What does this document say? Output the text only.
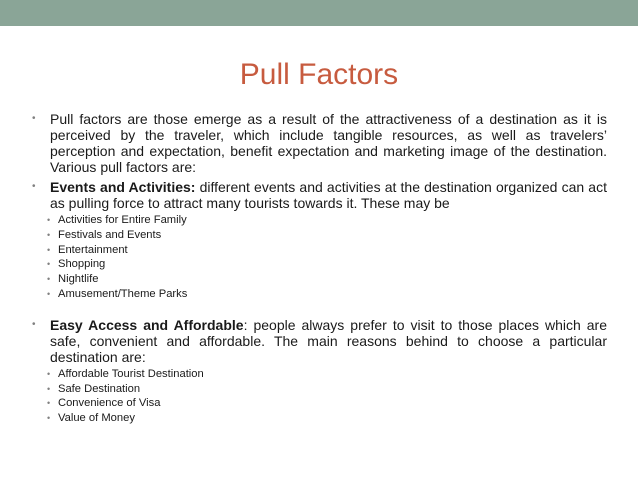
Pull Factors
• Pull factors are those emerge as a result of the attractiveness of a destination as it is perceived by the traveler, which include tangible resources, as well as travelers’ perception and expectation, benefit expectation and marketing image of the destination. Various pull factors are:
• Events and Activities: different events and activities at the destination organized can act as pulling force to attract many tourists towards it. These may be
• Activities for Entire Family
• Festivals and Events
• Entertainment
• Shopping
• Nightlife
• Amusement/Theme Parks
• Easy Access and Affordable: people always prefer to visit to those places which are safe, convenient and affordable. The main reasons behind to choose a particular destination are:
• Affordable Tourist Destination
• Safe Destination
• Convenience of Visa
• Value of Money
